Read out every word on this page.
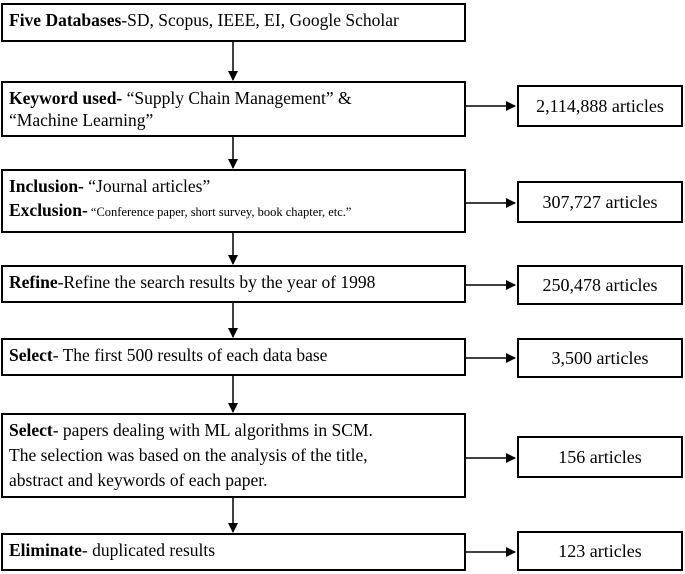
Five Databases-SD, Scopus, IEEE, EI, Google Scholar
Keyword used- “Supply Chain Management” &
“Machine Learning”
2,114,888 articles
Inclusion- “Journal articles”
Exclusion- “Conference paper, short survey, book chapter, etc.”
307,727 articles
Refine-Refine the search results by the year of 1998	250,478 articles
Select- The first 500 results of each data base	3,500 articles
Select- papers dealing with ML algorithms in SCM.
The selection was based on the analysis of the title,
abstract and keywords of each paper.
156 articles
Eliminate- duplicated results	123 articles
